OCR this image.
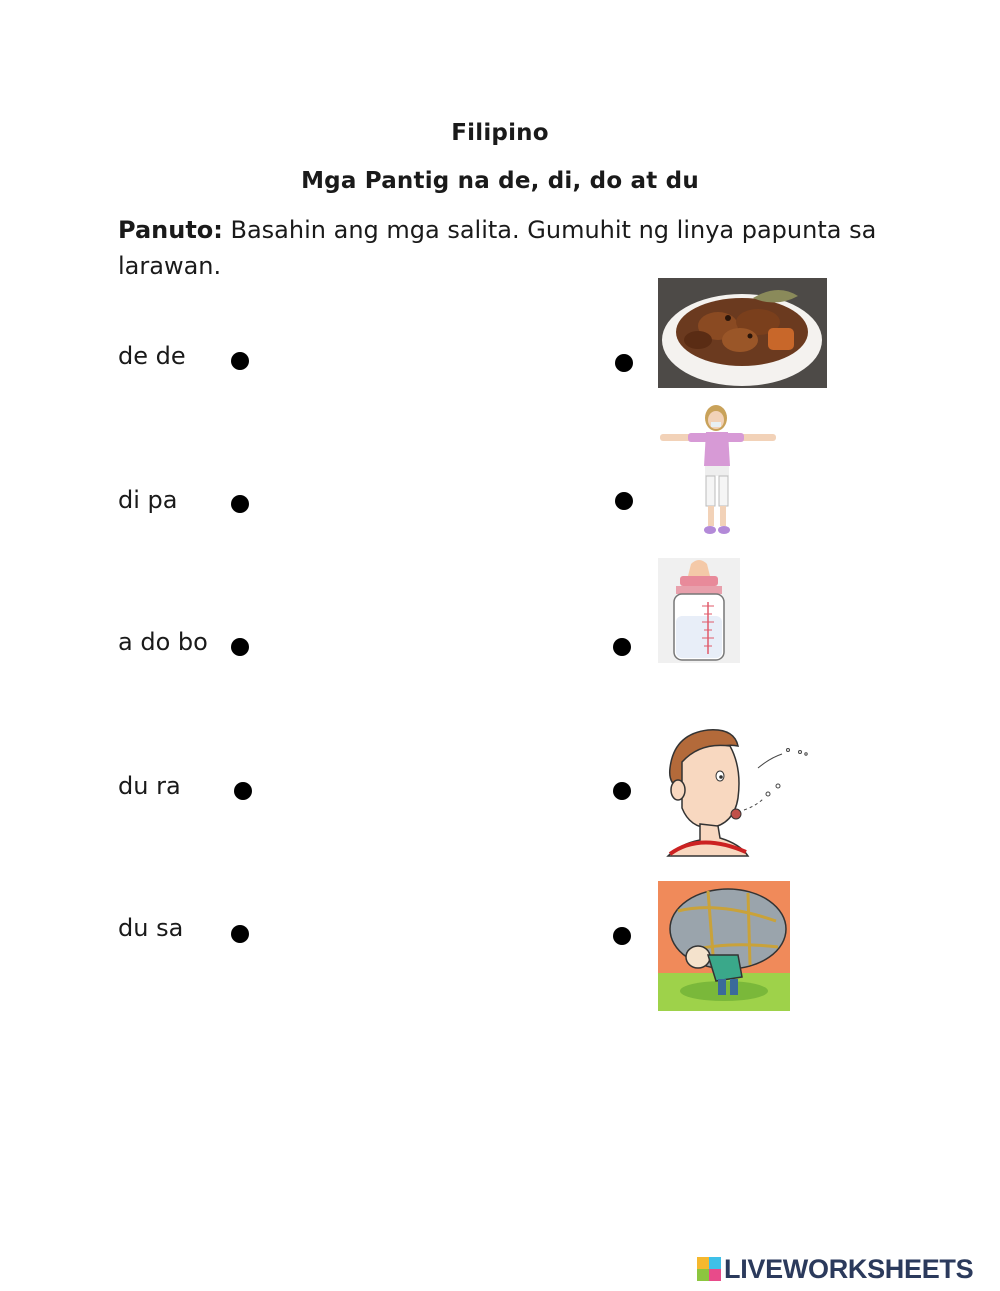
Filipino
Mga Pantig na de, di, do at du
Panuto: Basahin ang mga salita. Gumuhit ng linya papunta sa larawan.
de de
di pa
a do bo
du ra
du sa
LIVEWORKSHEETS
